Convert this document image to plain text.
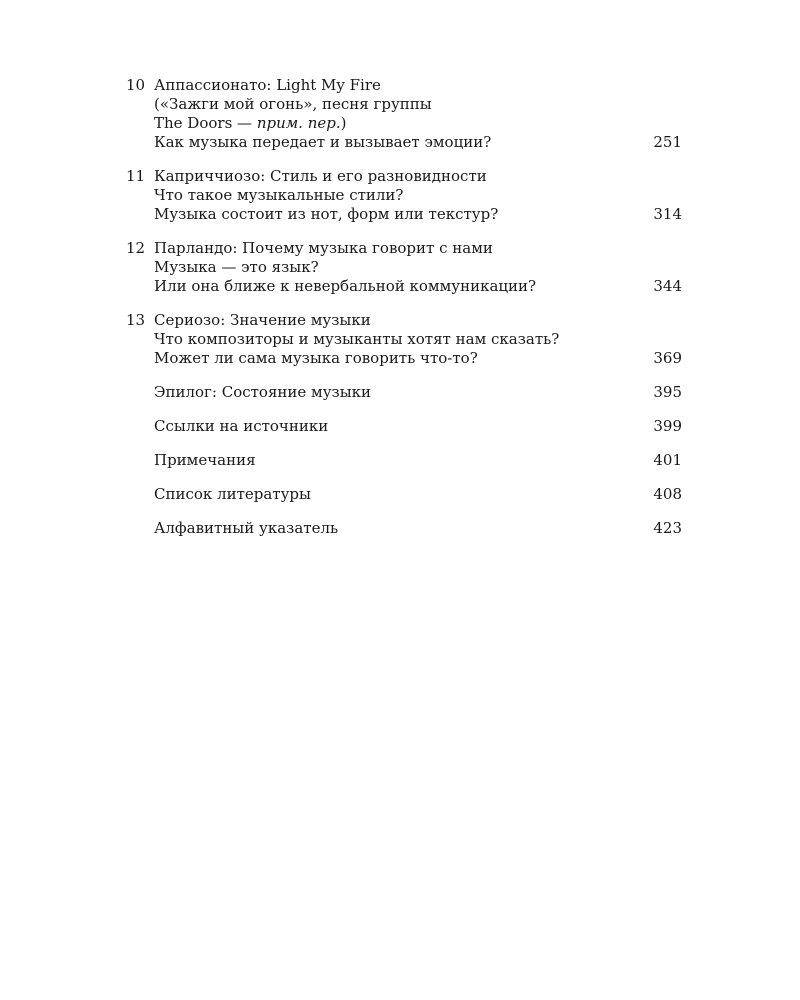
10 Аппассионато: Light My Fire
(«Зажги мой огонь», песня группы
The Doors — прим. пер.)
Как музыка передает и вызывает эмоции?	251
11 Каприччиозо: Стиль и его разновидности
Что такое музыкальные стили?
Музыка состоит из нот, форм или текстур?	314
12 Парландо: Почему музыка говорит с нами
Музыка — это язык?
Или она ближе к невербальной коммуникации?	344
13 Сериозо: Значение музыки
Что композиторы и музыканты хотят нам сказать?
Может ли сама музыка говорить что-то?	369
Эпилог: Состояние музыки	395
Ссылки на источники	399
Примечания	401
Список литературы	408
Алфавитный указатель	423
